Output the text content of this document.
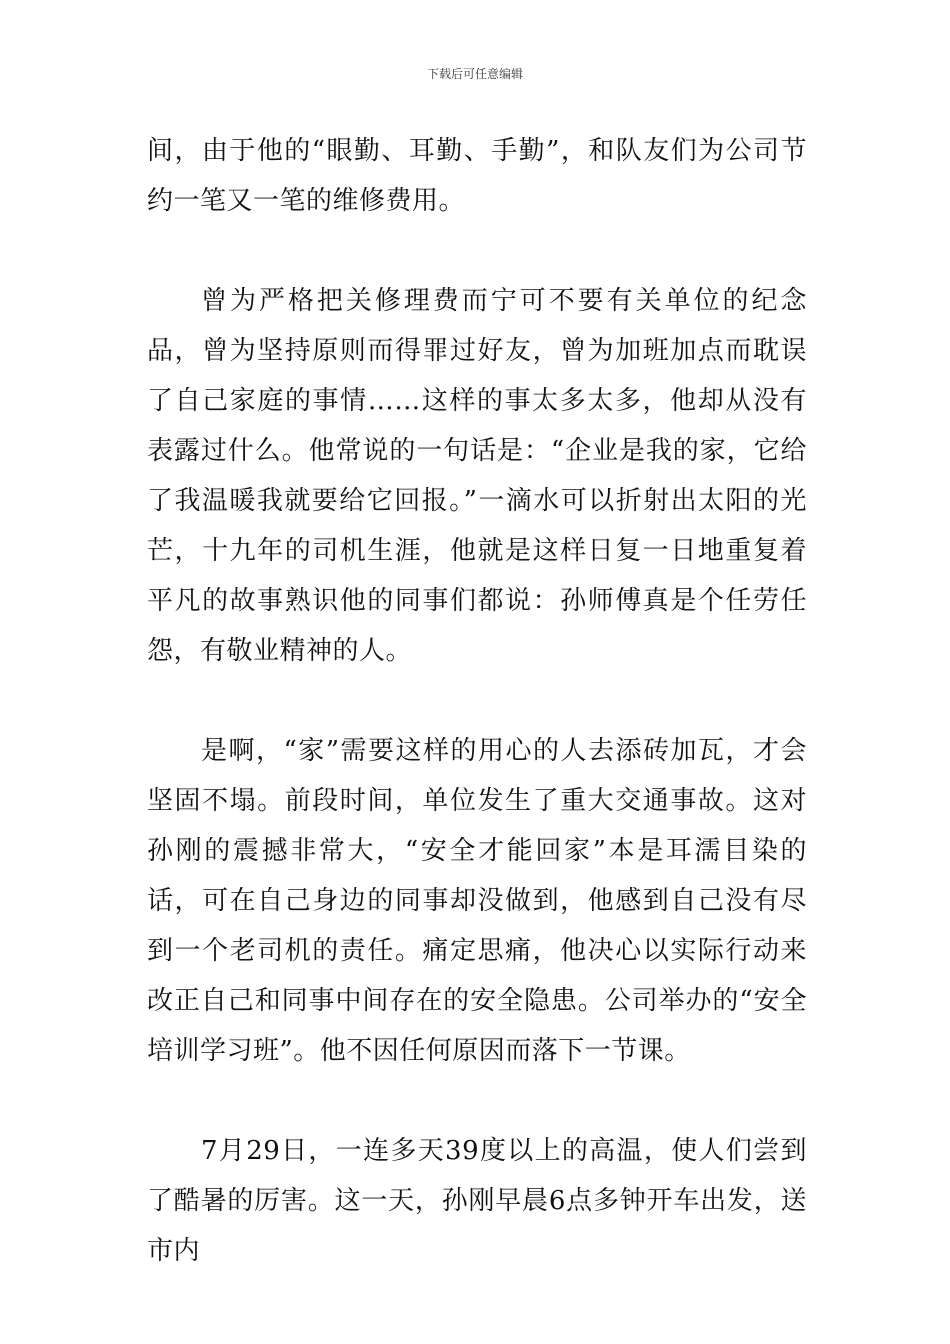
下载后可任意编辑

间，由于他的“眼勤、耳勤、手勤”，和队友们为公司节约一笔又一笔的维修费用。

曾为严格把关修理费而宁可不要有关单位的纪念品，曾为坚持原则而得罪过好友，曾为加班加点而耽误了自己家庭的事情……这样的事太多太多，他却从没有表露过什么。他常说的一句话是：“企业是我的家，它给了我温暖我就要给它回报。”一滴水可以折射出太阳的光芒，十九年的司机生涯，他就是这样日复一日地重复着平凡的故事熟识他的同事们都说：孙师傅真是个任劳任怨，有敬业精神的人。

是啊，“家”需要这样的用心的人去添砖加瓦，才会坚固不塌。前段时间，单位发生了重大交通事故。这对孙刚的震撼非常大，“安全才能回家”本是耳濡目染的话，可在自己身边的同事却没做到，他感到自己没有尽到一个老司机的责任。痛定思痛，他决心以实际行动来改正自己和同事中间存在的安全隐患。公司举办的“安全培训学习班”。他不因任何原因而落下一节课。

7月29日，一连多天39度以上的高温，使人们尝到了酷暑的厉害。这一天，孙刚早晨6点多钟开车出发，送市内
